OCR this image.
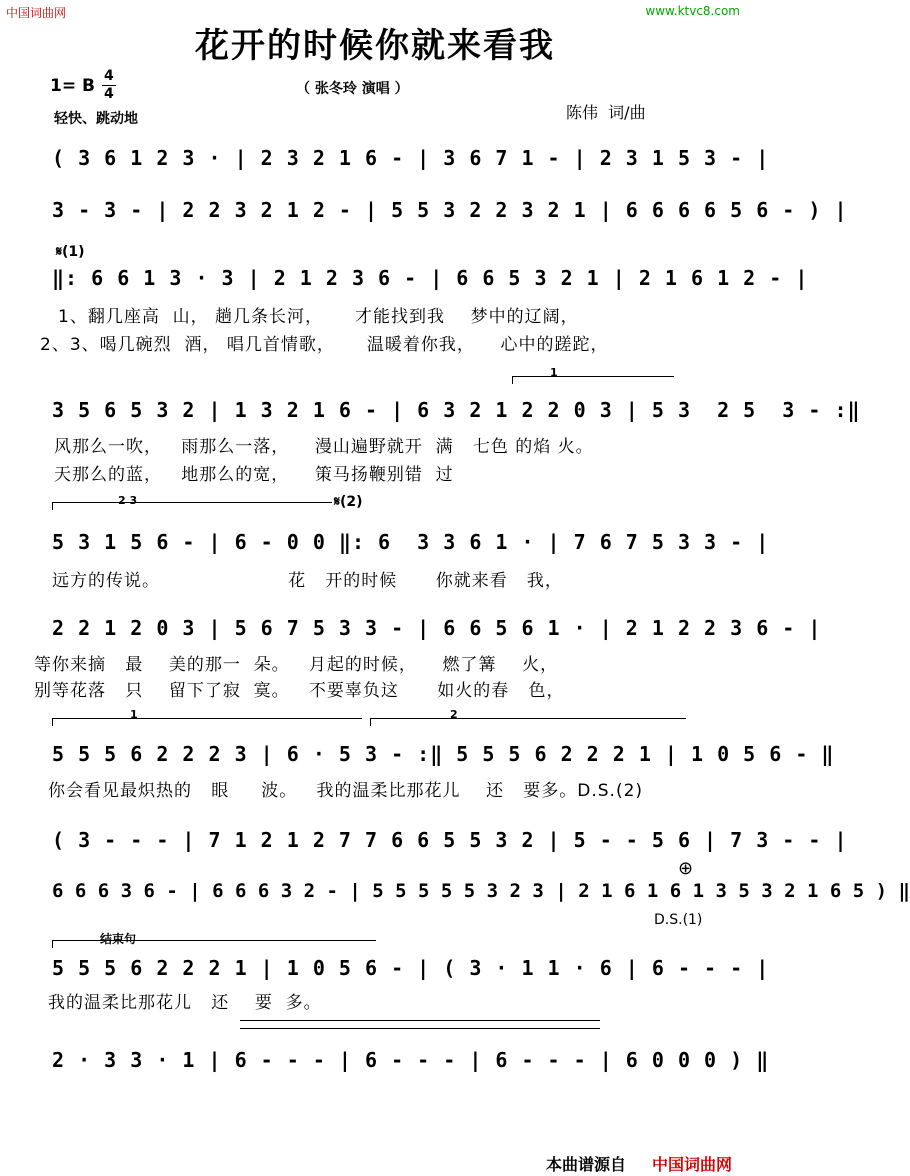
中国词曲网	www.ktvc8.com
花开的时候你就来看我
1= B 4
4
轻快、跳动地
（ 张冬玲 演唱 ）
陈伟  词/曲
( 3 6 1 2 3 · | 2 3 2 1 6 - | 3 6 7 1 - | 2 3 1 5 3 - |
3 - 3 - | 2 2 3 2 1 2 - | 5 5 3 2 2 3 2 1 | 6 6 6 6 5 6 - ) |
𝄋(1)
‖: 6 6 1 3 · 3 | 2 1 2 3 6 - | 6 6 5 3 2 1 | 2 1 6 1 2 - |
1、翻几座高  山， 趟几条长河，     才能找到我    梦中的辽阔，
2、3、喝几碗烈  酒， 唱几首情歌，     温暖着你我，    心中的蹉跎，
1
3 5 6 5 3 2 | 1 3 2 1 6 - | 6 3 2 1 2 2 0 3 | 5 3  2 5  3 - :‖
风那么一吹，   雨那么一落，    漫山遍野就开  满   七色 的焰 火。
天那么的蓝，   地那么的宽，    策马扬鞭别错  过
2 3	𝄋(2)
5 3 1 5 6 - | 6 - 0 0 ‖: 6  3 3 6 1 · | 7 6 7 5 3 3 - |
远方的传说。                    花   开的时候      你就来看   我，
2 2 1 2 0 3 | 5 6 7 5 3 3 - | 6 6 5 6 1 · | 2 1 2 2 3 6 - |
等你来摘   最    美的那一  朵。   月起的时候，    燃了篝    火，
别等花落   只    留下了寂  寞。   不要辜负这      如火的春   色，
1	2
5 5 5 6 2 2 2 3 | 6 · 5 3 - :‖ 5 5 5 6 2 2 2 1 | 1 0 5 6 - ‖
你会看见最炽热的   眼     波。   我的温柔比那花儿    还   要多。D.S.(2)
( 3 - - - | 7 1 2 1 2 7 7 6 6 5 5 3 2 | 5 - - 5 6 | 7 3 - - |
⊕
6 6 6 3 6 - | 6 6 6 3 2 - | 5 5 5 5 5 3 2 3 | 2 1 6 1 6 1 3 5 3 2 1 6 5 ) ‖
D.S.(1)
结束句
5 5 5 6 2 2 2 1 | 1 0 5 6 - | ( 3 · 1 1 · 6 | 6 - - - |
我的温柔比那花儿   还    要  多。
2 · 3 3 · 1 | 6 - - - | 6 - - - | 6 - - - | 6 0 0 0 ) ‖
本曲谱源自 中国词曲网
